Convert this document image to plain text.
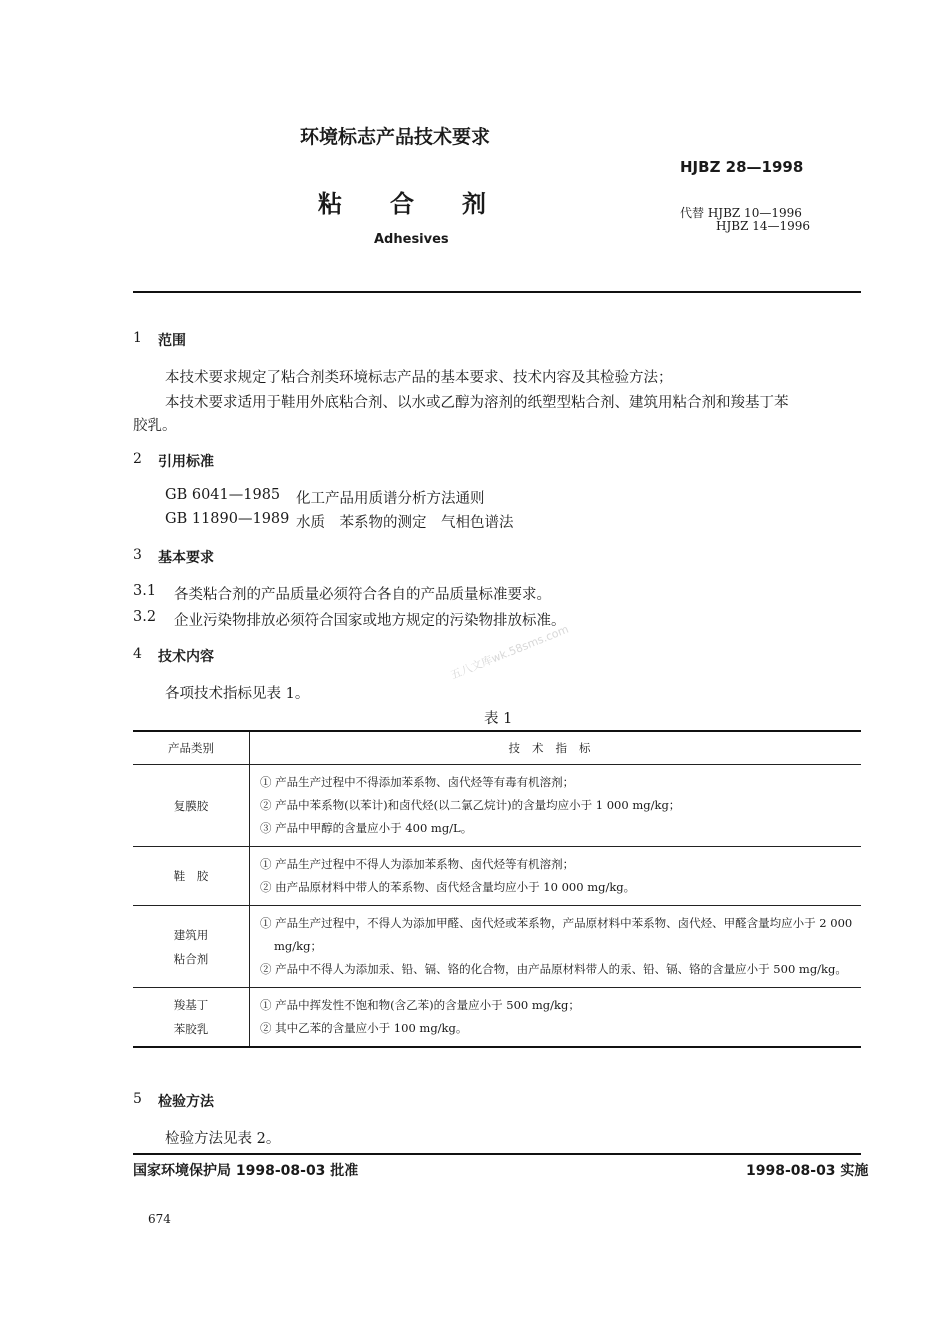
环境标志产品技术要求
HJBZ 28—1998
粘合剂	代替 HJBZ 10—1996
HJBZ 14—1996
Adhesives
五八文库wk.58sms.com
1 范围
本技术要求规定了粘合剂类环境标志产品的基本要求、技术内容及其检验方法；
本技术要求适用于鞋用外底粘合剂、以水或乙醇为溶剂的纸塑型粘合剂、建筑用粘合剂和羧基丁苯
胶乳。
2 引用标准
GB 6041—1985 化工产品用质谱分析方法通则
GB 11890—1989 水质　苯系物的测定　气相色谱法
3 基本要求
3.1 各类粘合剂的产品质量必须符合各自的产品质量标准要求。
3.2 企业污染物排放必须符合国家或地方规定的污染物排放标准。
4 技术内容
各项技术指标见表 1。
表 1
产品类别	技术指标
复膜胶	① 产品生产过程中不得添加苯系物、卤代烃等有毒有机溶剂；
② 产品中苯系物(以苯计)和卤代烃(以二氯乙烷计)的含量均应小于 1 000 mg/kg；
③ 产品中甲醇的含量应小于 400 mg/L。

鞋　胶	① 产品生产过程中不得人为添加苯系物、卤代烃等有机溶剂；
② 由产品原材料中带人的苯系物、卤代烃含量均应小于 10 000 mg/kg。

建筑用
粘合剂	① 产品生产过程中，不得人为添加甲醛、卤代烃或苯系物，产品原材料中苯系物、卤代烃、甲醛含量均应小于 2 000 mg/kg；
② 产品中不得人为添加汞、铅、镉、铬的化合物，由产品原材料带人的汞、铅、镉、铬的含量应小于 500 mg/kg。

羧基丁
苯胶乳	① 产品中挥发性不饱和物(含乙苯)的含量应小于 500 mg/kg；
② 其中乙苯的含量应小于 100 mg/kg。
5 检验方法
检验方法见表 2。
国家环境保护局 1998-08-03 批准	1998-08-03 实施
674
